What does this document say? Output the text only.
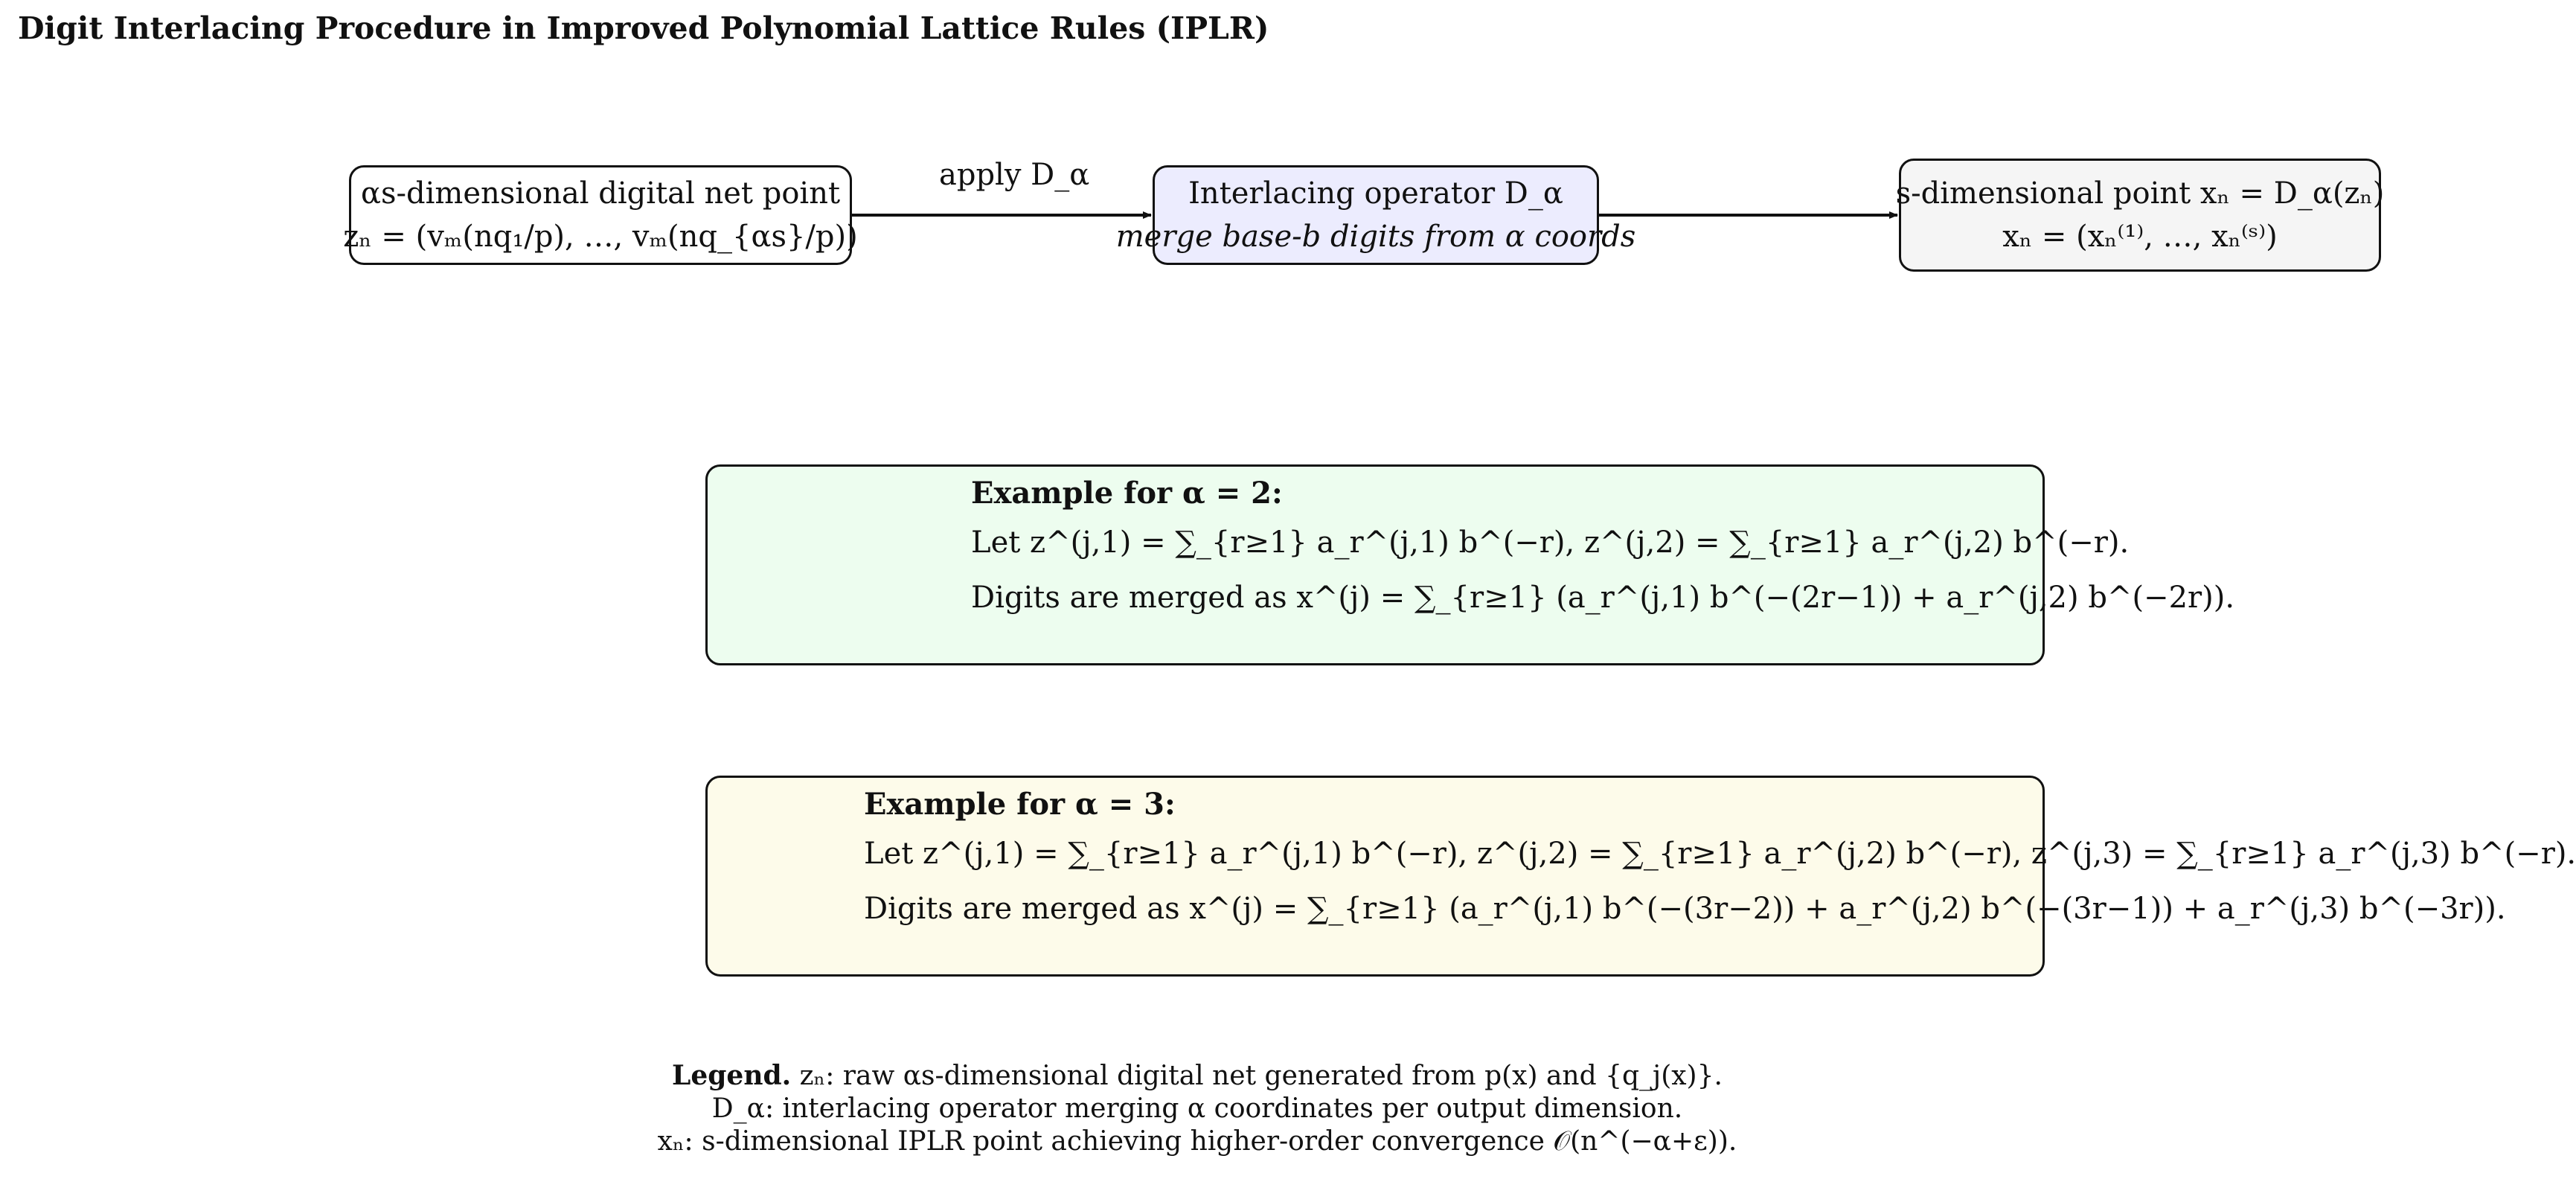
Digit Interlacing Procedure in Improved Polynomial Lattice Rules (IPLR)
apply D_α
αs-dimensional digital net point
zₙ = (vₘ(nq₁/p), …, vₘ(nq_{αs}/p))
Interlacing operator D_α
merge base-b digits from α coords
s-dimensional point xₙ = D_α(zₙ)
xₙ = (xₙ⁽¹⁾, …, xₙ⁽ˢ⁾)
Example for α = 2:
Let z^(j,1) = ∑_{r≥1} a_r^(j,1) b^(−r), z^(j,2) = ∑_{r≥1} a_r^(j,2) b^(−r).
Digits are merged as x^(j) = ∑_{r≥1} (a_r^(j,1) b^(−(2r−1)) + a_r^(j,2) b^(−2r)).
Example for α = 3:
Let z^(j,1) = ∑_{r≥1} a_r^(j,1) b^(−r), z^(j,2) = ∑_{r≥1} a_r^(j,2) b^(−r), z^(j,3) = ∑_{r≥1} a_r^(j,3) b^(−r).
Digits are merged as x^(j) = ∑_{r≥1} (a_r^(j,1) b^(−(3r−2)) + a_r^(j,2) b^(−(3r−1)) + a_r^(j,3) b^(−3r)).
Legend. zₙ: raw αs-dimensional digital net generated from p(x) and {q_j(x)}.
D_α: interlacing operator merging α coordinates per output dimension.
xₙ: s-dimensional IPLR point achieving higher-order convergence 𝒪(n^(−α+ε)).
